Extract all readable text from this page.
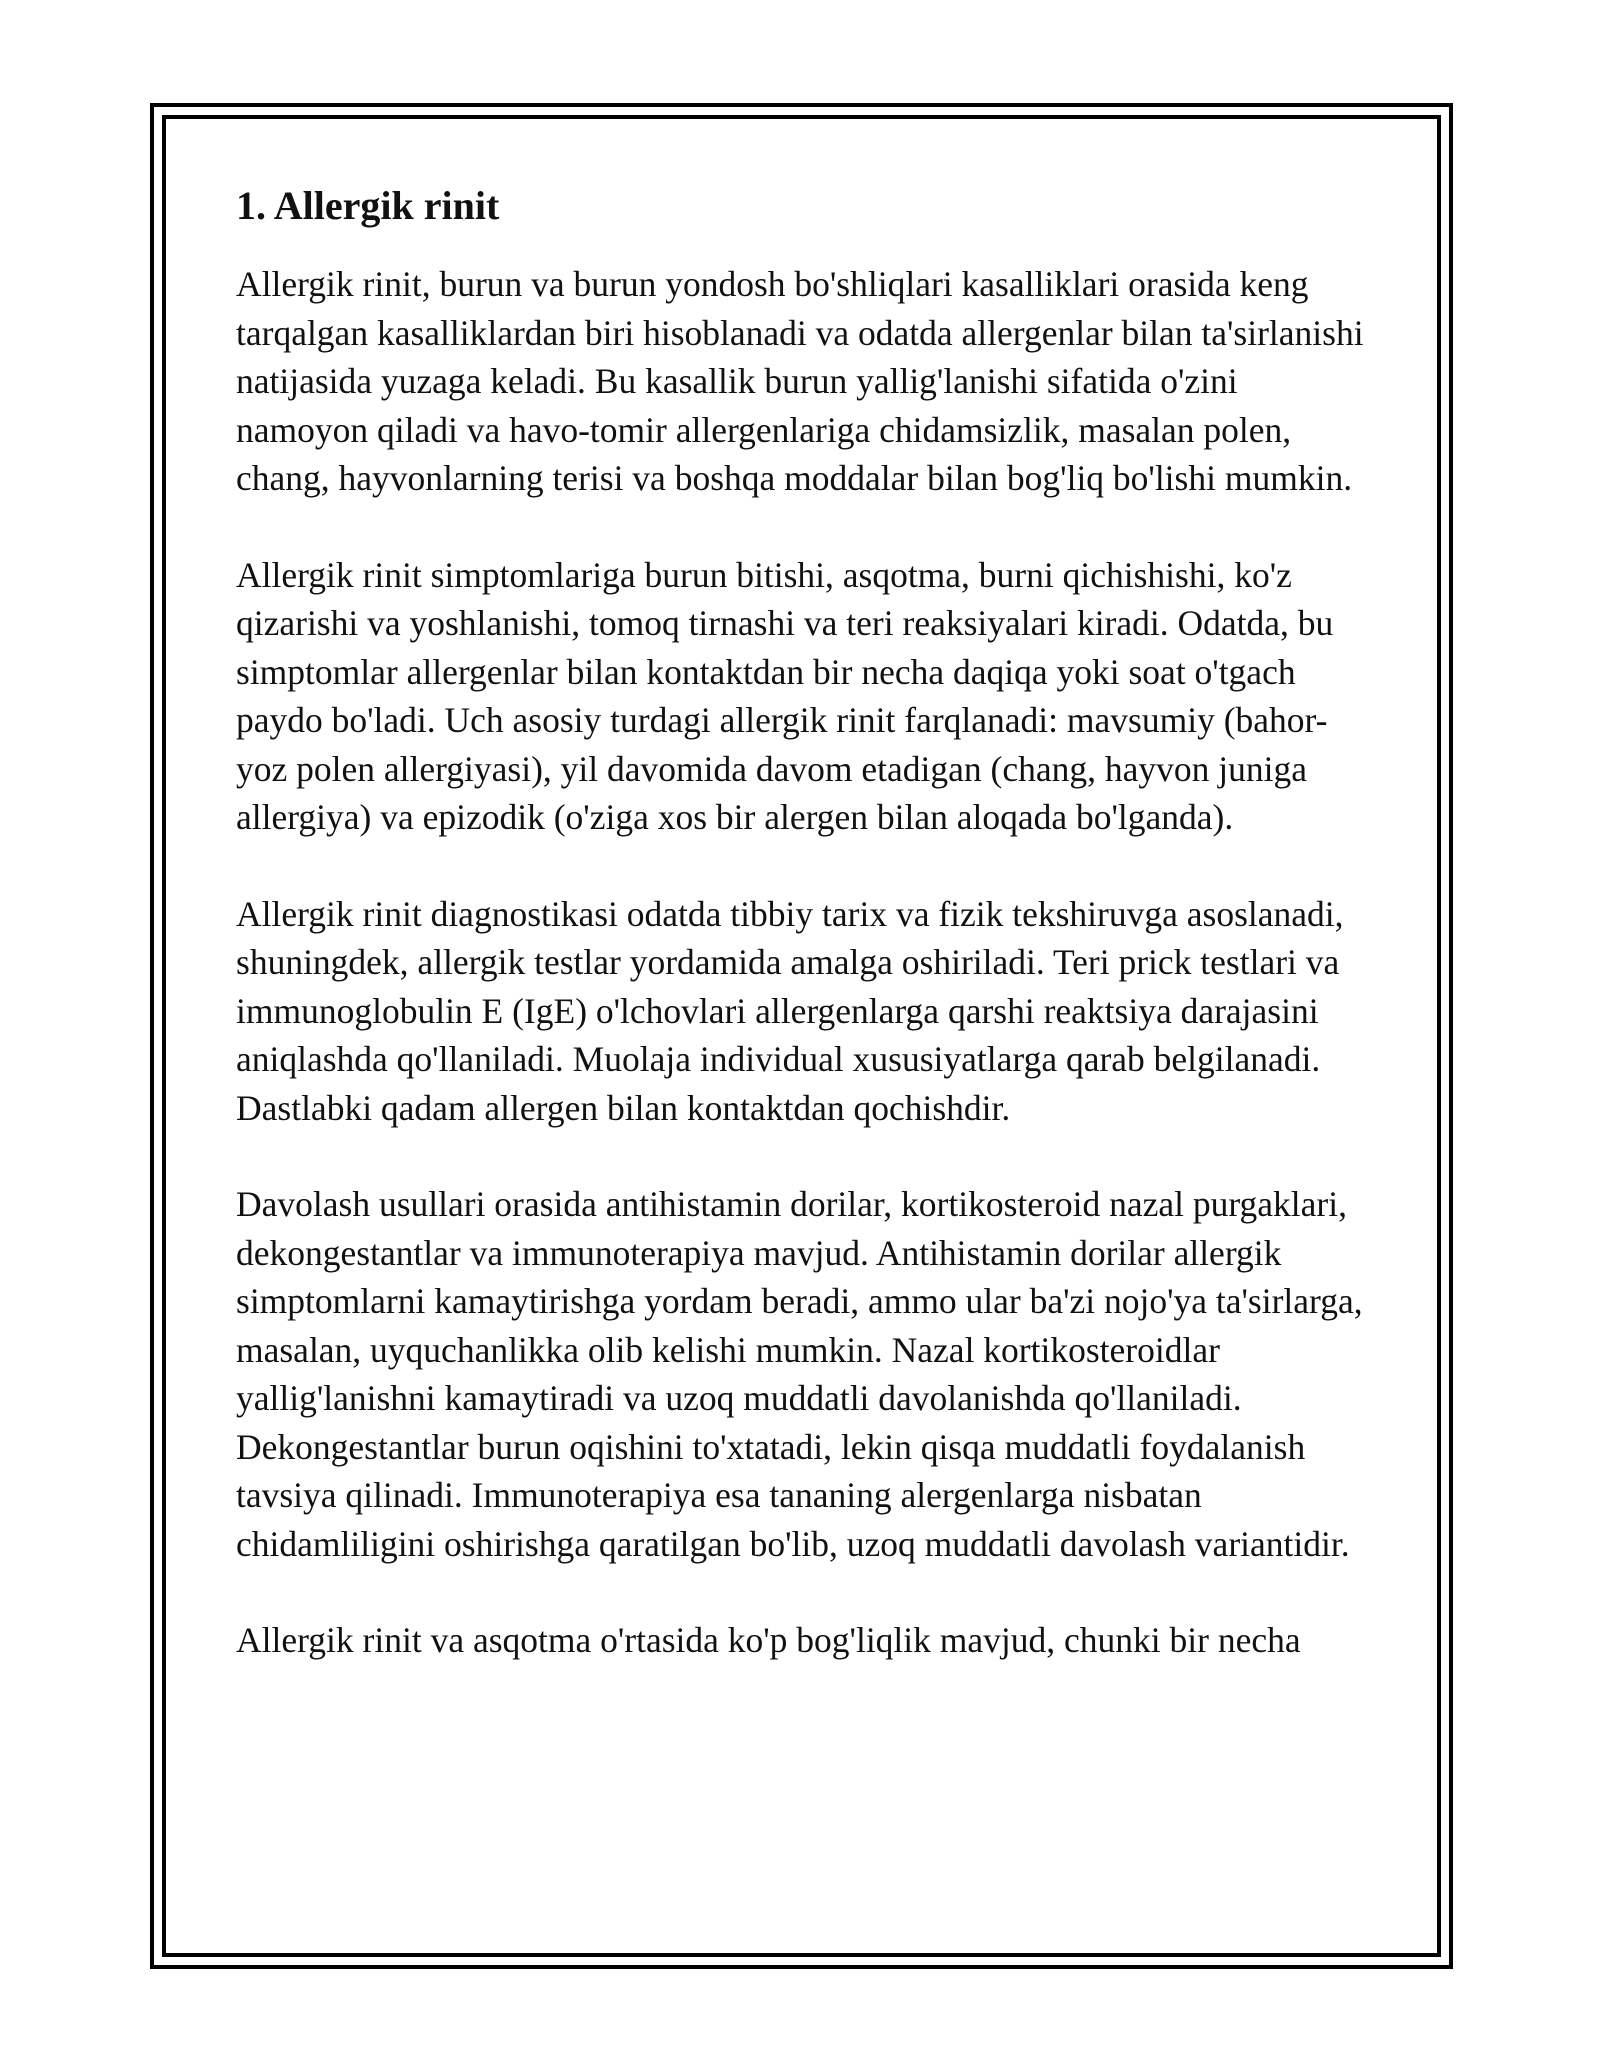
1. Allergik rinit

Allergik rinit, burun va burun yondosh bo'shliqlari kasalliklari orasida keng tarqalgan kasalliklardan biri hisoblanadi va odatda allergenlar bilan ta'sirlanishi natijasida yuzaga keladi. Bu kasallik burun yallig'lanishi sifatida o'zini namoyon qiladi va havo-tomir allergenlariga chidamsizlik, masalan polen, chang, hayvonlarning terisi va boshqa moddalar bilan bog'liq bo'lishi mumkin.

Allergik rinit simptomlariga burun bitishi, asqotma, burni qichishishi, ko'z qizarishi va yoshlanishi, tomoq tirnashi va teri reaksiyalari kiradi. Odatda, bu simptomlar allergenlar bilan kontaktdan bir necha daqiqa yoki soat o'tgach paydo bo'ladi. Uch asosiy turdagi allergik rinit farqlanadi: mavsumiy (bahor-yoz polen allergiyasi), yil davomida davom etadigan (chang, hayvon juniga allergiya) va epizodik (o'ziga xos bir alergen bilan aloqada bo'lganda).

Allergik rinit diagnostikasi odatda tibbiy tarix va fizik tekshiruvga asoslanadi, shuningdek, allergik testlar yordamida amalga oshiriladi. Teri prick testlari va immunoglobulin E (IgE) o'lchovlari allergenlarga qarshi reaktsiya darajasini aniqlashda qo'llaniladi. Muolaja individual xususiyatlarga qarab belgilanadi. Dastlabki qadam allergen bilan kontaktdan qochishdir.

Davolash usullari orasida antihistamin dorilar, kortikosteroid nazal purgaklari, dekongestantlar va immunoterapiya mavjud. Antihistamin dorilar allergik simptomlarni kamaytirishga yordam beradi, ammo ular ba'zi nojo'ya ta'sirlarga, masalan, uyquchanlikka olib kelishi mumkin. Nazal kortikosteroidlar yallig'lanishni kamaytiradi va uzoq muddatli davolanishda qo'llaniladi. Dekongestantlar burun oqishini to'xtatadi, lekin qisqa muddatli foydalanish tavsiya qilinadi. Immunoterapiya esa tananing alergenlarga nisbatan chidamliligini oshirishga qaratilgan bo'lib, uzoq muddatli davolash variantidir.

Allergik rinit va asqotma o'rtasida ko'p bog'liqlik mavjud, chunki bir necha
